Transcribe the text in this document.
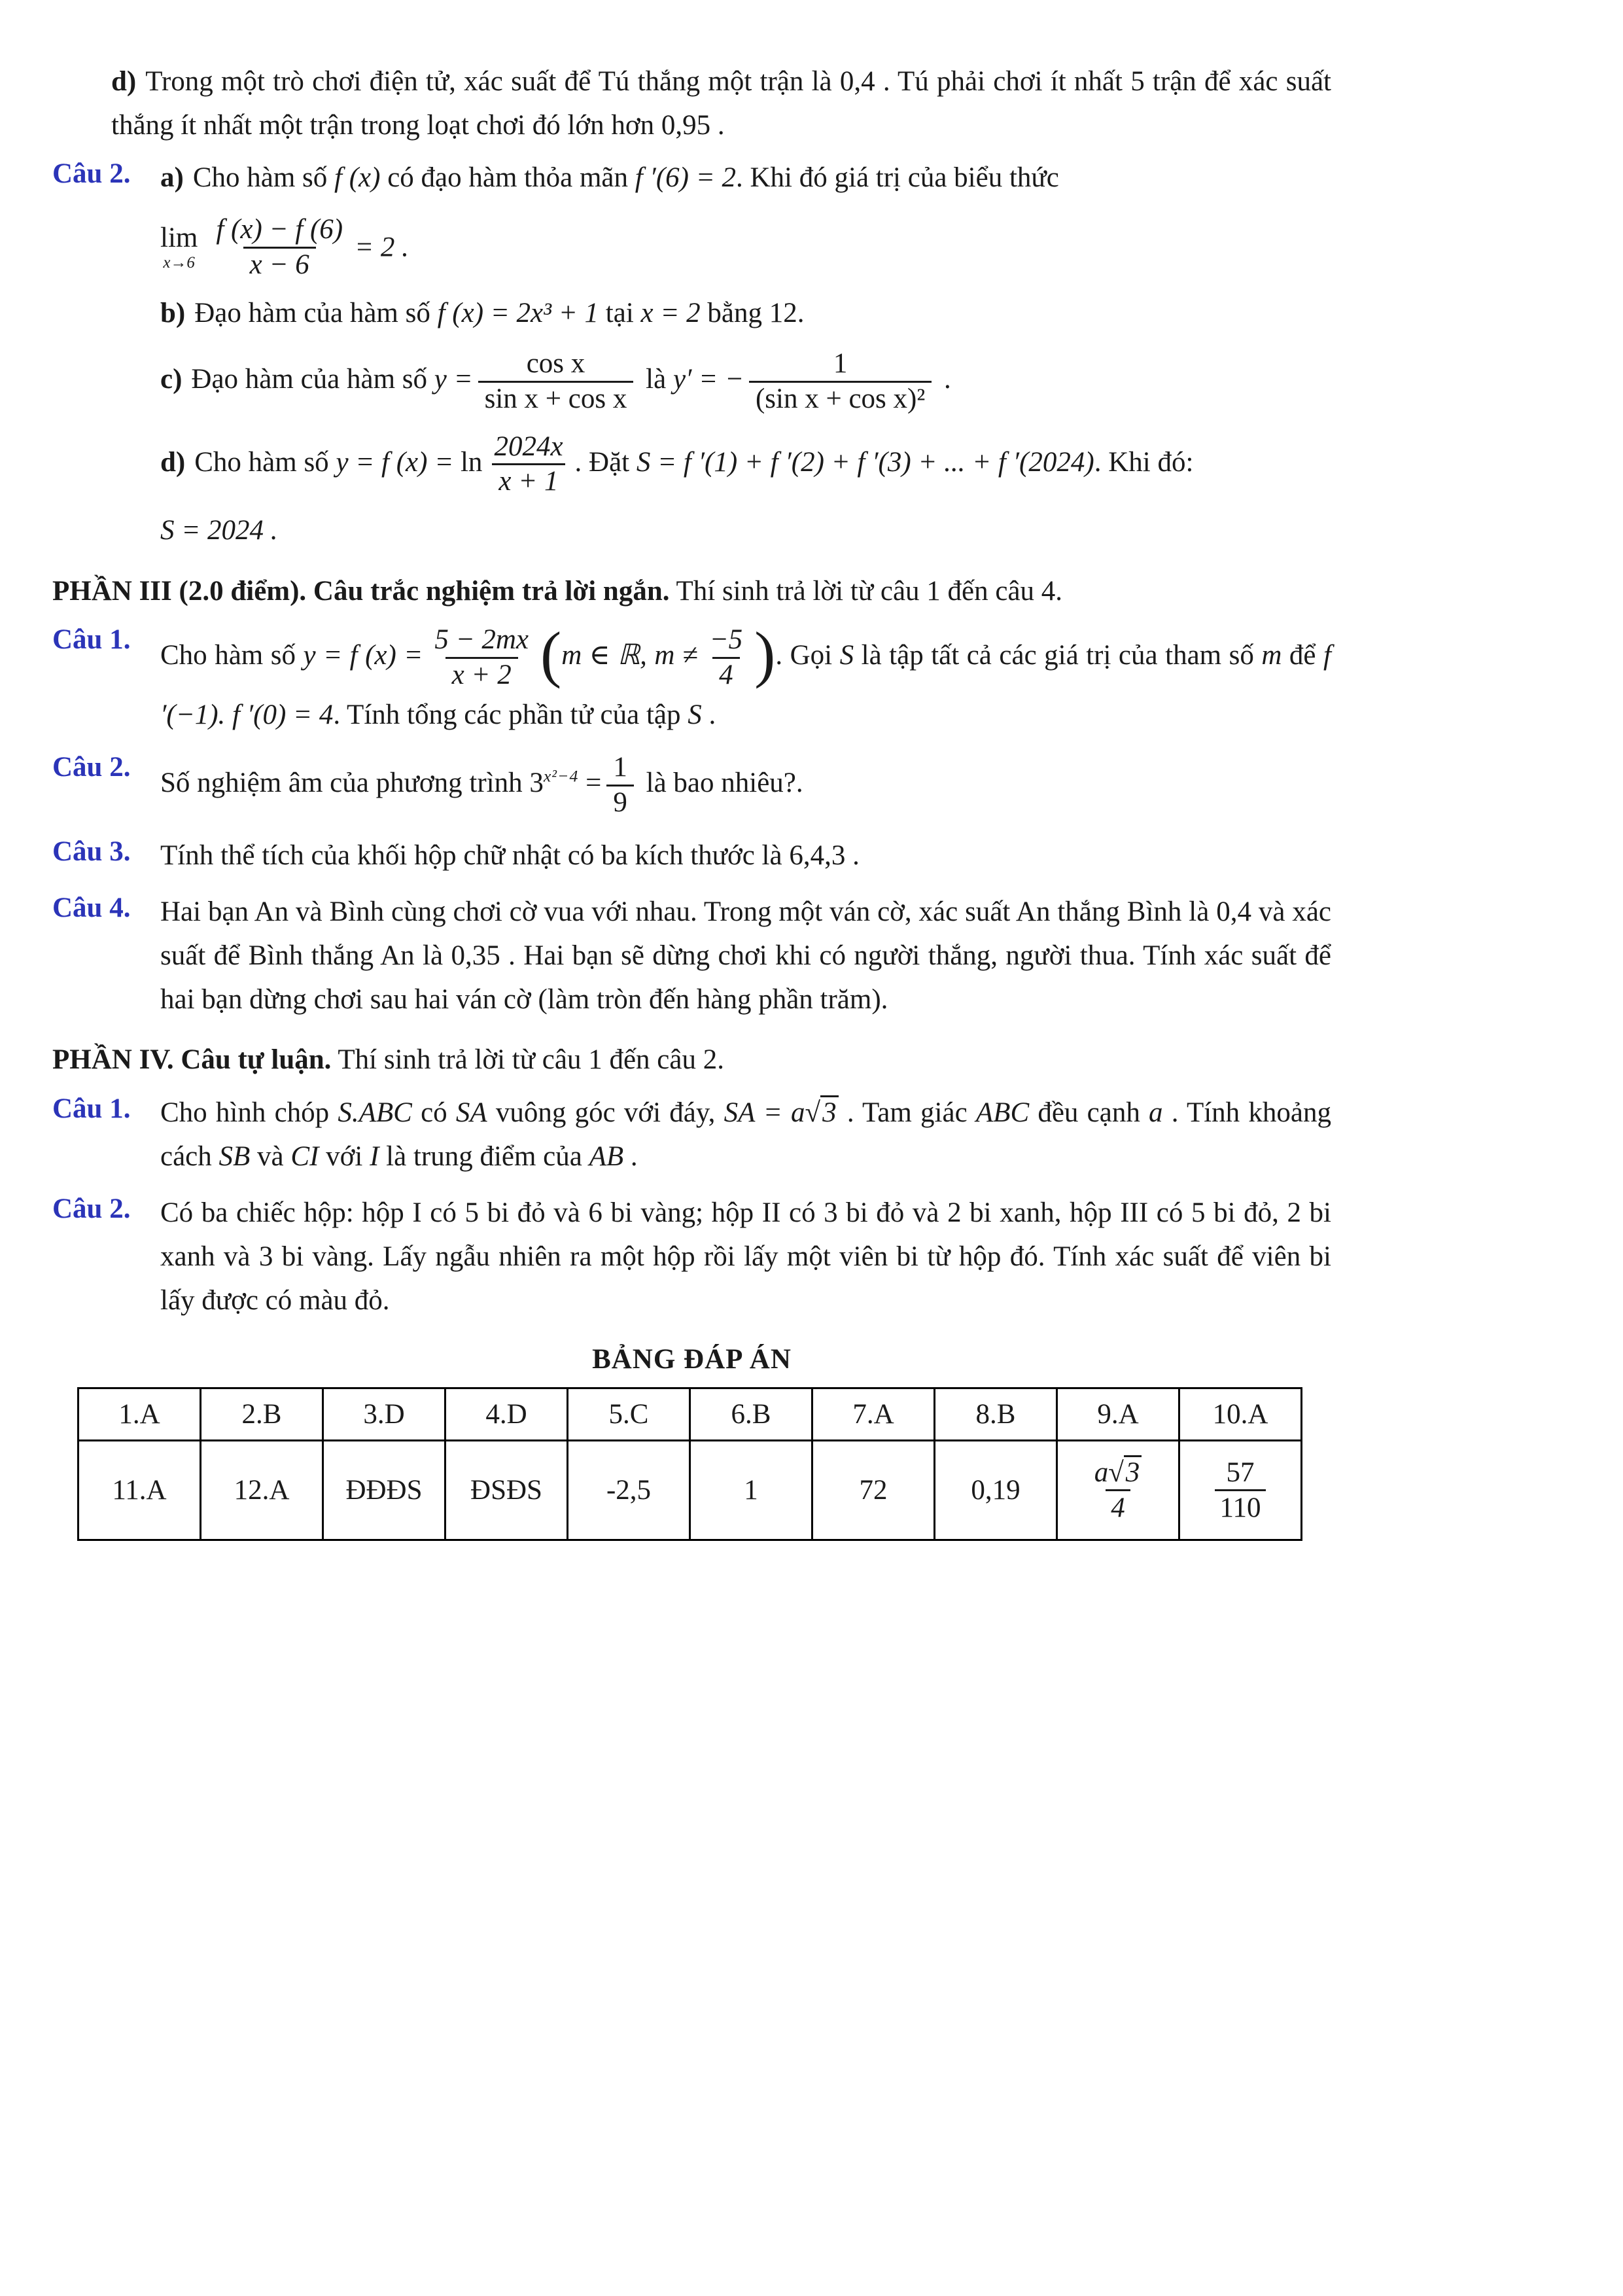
d) Trong một trò chơi điện tử, xác suất để Tú thắng một trận là 0,4 . Tú phải chơi ít nhất 5 trận để xác suất thắng ít nhất một trận trong loạt chơi đó lớn hơn 0,95 .

Câu 2.	a) Cho hàm số f (x) có đạo hàm thỏa mãn f ′(6) = 2. Khi đó giá trị của biểu thức

lim
$x\to 6 \frac{f (x) - f (6)}{x - 6} = 2$ .

b) Đạo hàm của hàm số f (x) = 2x³ + 1 tại x = 2 bằng 12.

c) Đạo hàm của hàm số $y = \frac{\text{cos x}}{\text{sin x + cos x}}$ là y′ = − $\frac{1}{\text{(sin x + cos x)²}}$ .

d) Cho hàm số y = f $(x) = \ln \frac{2024x}{x + 1}$ . Đặt S = f ′(1) + f ′(2) + f ′(3) + ... + f ′(2024). Khi đó:

S = 2024 .

PHẦN III (2.0 điểm). Câu trắc nghiệm trả lời ngắn. Thí sinh trả lời từ câu 1 đến câu 4.

Câu 1.

Cho hàm số y = f $(x) = \frac{5 - 2mx}{x + 2} (m$ ∈ ℝ, $m \ne \frac{-5}{4}$ ). Gọi S là tập tất cả các giá trị của tham số m để f ′(−1). f ′(0) = 4. Tính tổng các phần tử của tập S .

Câu 2.

Số nghiệm âm của phương trình $3^{x^2-4} = \frac{1}{9}$ là bao nhiêu?.

Câu 3.	Tính thể tích của khối hộp chữ nhật có ba kích thước là 6,4,3 .

Câu 4.	Hai bạn An và Bình cùng chơi cờ vua với nhau. Trong một ván cờ, xác suất An thắng Bình là 0,4 và xác suất để Bình thắng An là 0,35 . Hai bạn sẽ dừng chơi khi có người thắng, người thua. Tính xác suất để hai bạn dừng chơi sau hai ván cờ (làm tròn đến hàng phần trăm).

PHẦN IV. Câu tự luận. Thí sinh trả lời từ câu 1 đến câu 2.

Câu 1.	Cho hình chóp S.ABC có SA vuông góc với đáy, SA = a√3 . Tam giác ABC đều cạnh a . Tính khoảng cách SB và CI với I là trung điểm của AB .

Câu 2.	Có ba chiếc hộp: hộp I có 5 bi đỏ và 6 bi vàng; hộp II có 3 bi đỏ và 2 bi xanh, hộp III có 5 bi đỏ, 2 bi xanh và 3 bi vàng. Lấy ngẫu nhiên ra một hộp rồi lấy một viên bi từ hộp đó. Tính xác suất để viên bi lấy được có màu đỏ.

BẢNG ĐÁP ÁN

1.A	2.B	3.D	4.D	5.C	6.B	7.A	8.B	9.A	10.A
11.A	12.A	ĐĐĐS	ĐSĐS	-2,5	1	72	0,19	$\frac{a√3}{4}$	$\frac{57}{110}$
